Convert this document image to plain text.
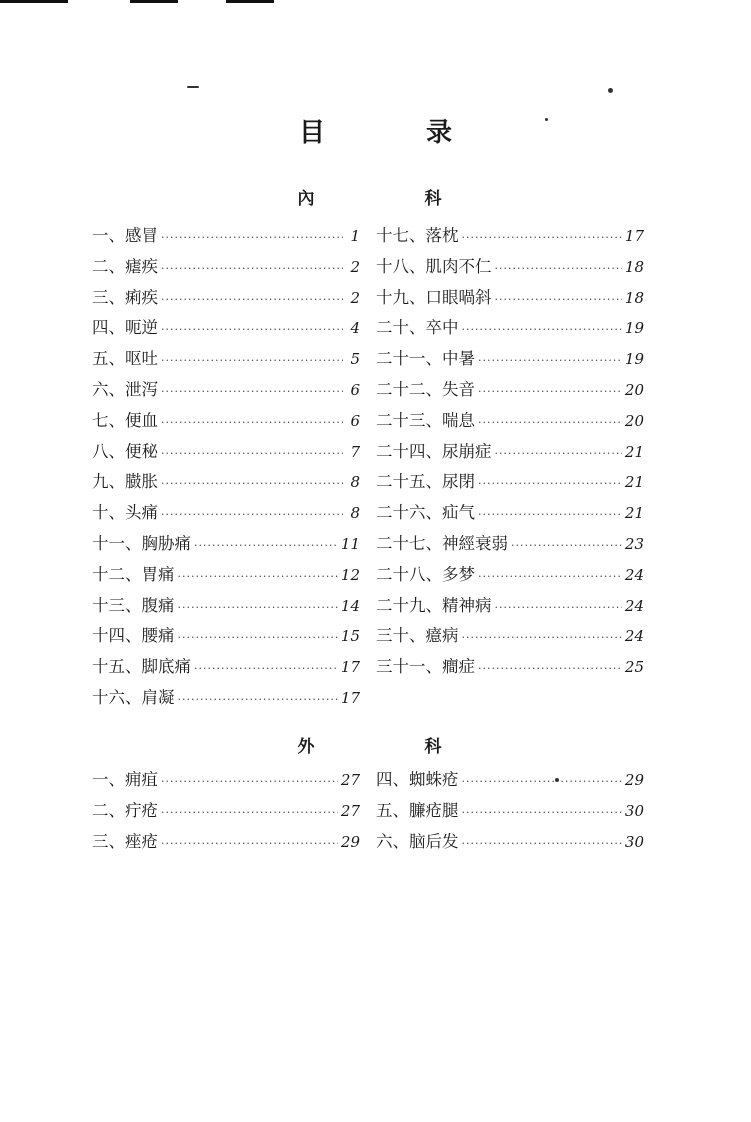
目 录
內 科
一、感冒 ·····	1
二、瘧疾 ·····	2
三、痢疾 ·····	2
四、呃逆 ·····	4
五、呕吐 ·····	5
六、泄泻 ·····	6
七、便血 ·····	6
八、便秘 ·····	7
九、臌胀 ·····	8
十、头痛 ·····	8
十一、胸胁痛 ·····	11
十二、胃痛 ·····	12
十三、腹痛 ·····	14
十四、腰痛 ·····	15
十五、脚底痛 ·····	17
十六、肩凝 ·····	17
十七、落枕 ·····	17
十八、肌肉不仁 ·····	18
十九、口眼喎斜 ·····	18
二十、卒中 ·····	19
二十一、中暑 ·····	19
二十二、失音 ·····	20
二十三、喘息 ·····	20
二十四、尿崩症 ·····	21
二十五、尿閉 ·····	21
二十六、疝气 ·····	21
二十七、神經衰弱 ·····	23
二十八、多梦 ·····	24
二十九、精神病 ·····	24
三十、癔病 ·····	24
三十一、癎症 ·····	25
外 科
一、痈疽 ·····	27
二、疔疮 ·····	27
三、痤疮 ·····	29
四、蜘蛛疮 ·····	29
五、臁疮腿 ·····	30
六、脑后发 ·····	30
